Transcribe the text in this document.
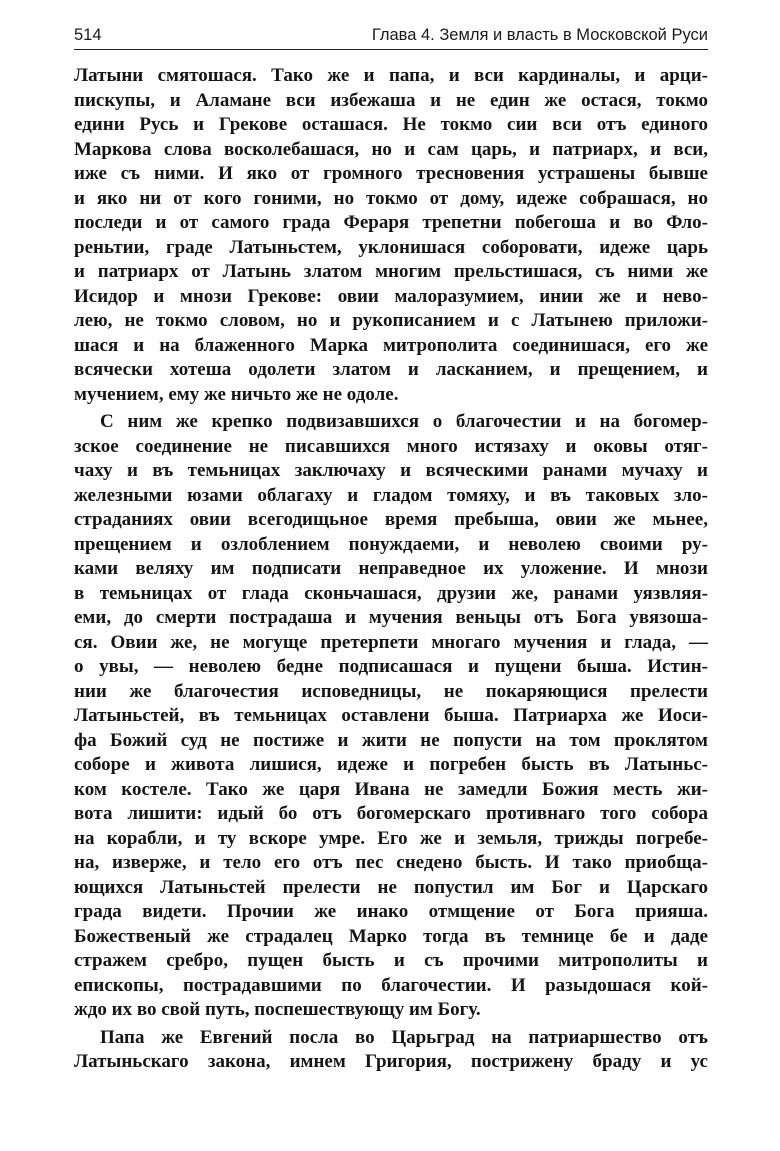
514	Глава 4. Земля и власть в Московской Руси
Латыни смятошася. Тако же и папа, и вси кардиналы, и арци-
пискупы, и Аламане вси избежаша и не един же остася, токмо
едини Русь и Грекове осташася. Не токмо сии вси отъ единого
Маркова слова восколебашася, но и сам царь, и патриарх, и вси,
иже съ ними. И яко от громного тресновения устрашены бывше
и яко ни от кого гоними, но токмо от дому, идеже собрашася, но
последи и от самого града Фераря трепетни побегоша и во Фло-
реньтии, граде Латыньстем, уклонишася соборовати, идеже царь
и патриарх от Латынь златом многим прельстишася, съ ними же
Исидор и мнози Грекове: овии малоразумием, инии же и нево-
лею, не токмо словом, но и рукописанием и с Латынею приложи-
шася и на блаженного Марка митрополита соединишася, его же
всячески хотеша одолети златом и ласканием, и прещением, и
мучением, ему же ничьто же не одоле.
С ним же крепко подвизавшихся о благочестии и на богомер-
зское соединение не писавшихся много истязаху и оковы отяг-
чаху и въ темьницах заключаху и всяческими ранами мучаху и
железными юзами облагаху и гладом томяху, и въ таковых зло-
страданиях овии всегодищьное время пребыша, овии же мьнее,
прещением и озлоблением понуждаеми, и неволею своими ру-
ками веляху им подписати неправедное их уложение. И мнози
в темьницах от глада сконьчашася, друзии же, ранами уязвляя-
еми, до смерти пострадаша и мучения веньцы отъ Бога увязоша-
ся. Овии же, не могуще претерпети многаго мучения и глада, —
о увы, — неволею бедне подписашася и пущени быша. Истин-
нии же благочестия исповедницы, не покаряющися прелести
Латыньстей, въ темьницах оставлени быша. Патриарха же Иоси-
фа Божий суд не постиже и жити не попусти на том проклятом
соборе и живота лишися, идеже и погребен бысть въ Латыньс-
ком костеле. Тако же царя Ивана не замедли Божия месть жи-
вота лишити: идый бо отъ богомерскаго противнаго того собора
на корабли, и ту вскоре умре. Его же и земьля, трижды погребе-
на, изверже, и тело его отъ пес снедено бысть. И тако приобща-
ющихся Латыньстей прелести не попустил им Бог и Царскаго
града видети. Прочии же инако отмщение от Бога прияша.
Божественый же страдалец Марко тогда въ темнице бе и даде
стражем сребро, пущен бысть и съ прочими митрополиты и
епископы, пострадавшими по благочестии. И разыдошася кой-
ждо их во свой путь, поспешествующу им Богу.
Папа же Евгений посла во Царьград на патриаршество отъ
Латыньскаго закона, имнем Григория, пострижену браду и ус
